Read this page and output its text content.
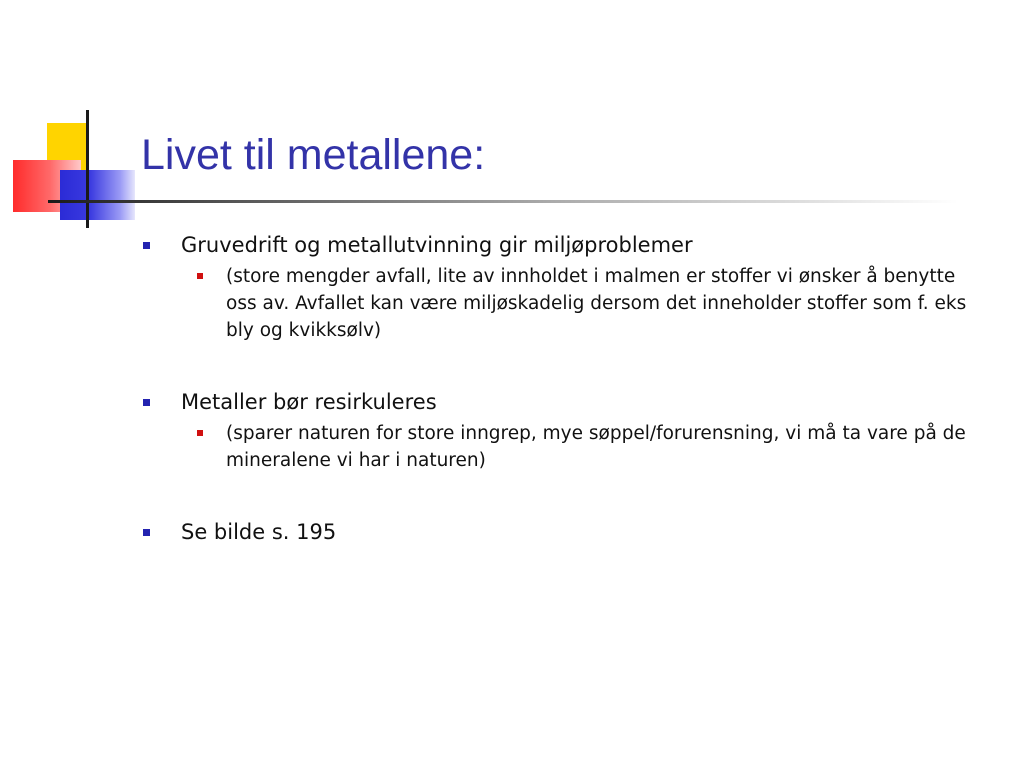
Livet til metallene:
Gruvedrift og metallutvinning gir miljøproblemer
(store mengder avfall, lite av innholdet i malmen er stoffer vi ønsker å benytte oss av. Avfallet kan være miljøskadelig dersom det inneholder stoffer som f. eks bly og kvikksølv)
Metaller bør resirkuleres
(sparer naturen for store inngrep, mye søppel/forurensning, vi må ta vare på de mineralene vi har i naturen)
Se bilde s. 195
